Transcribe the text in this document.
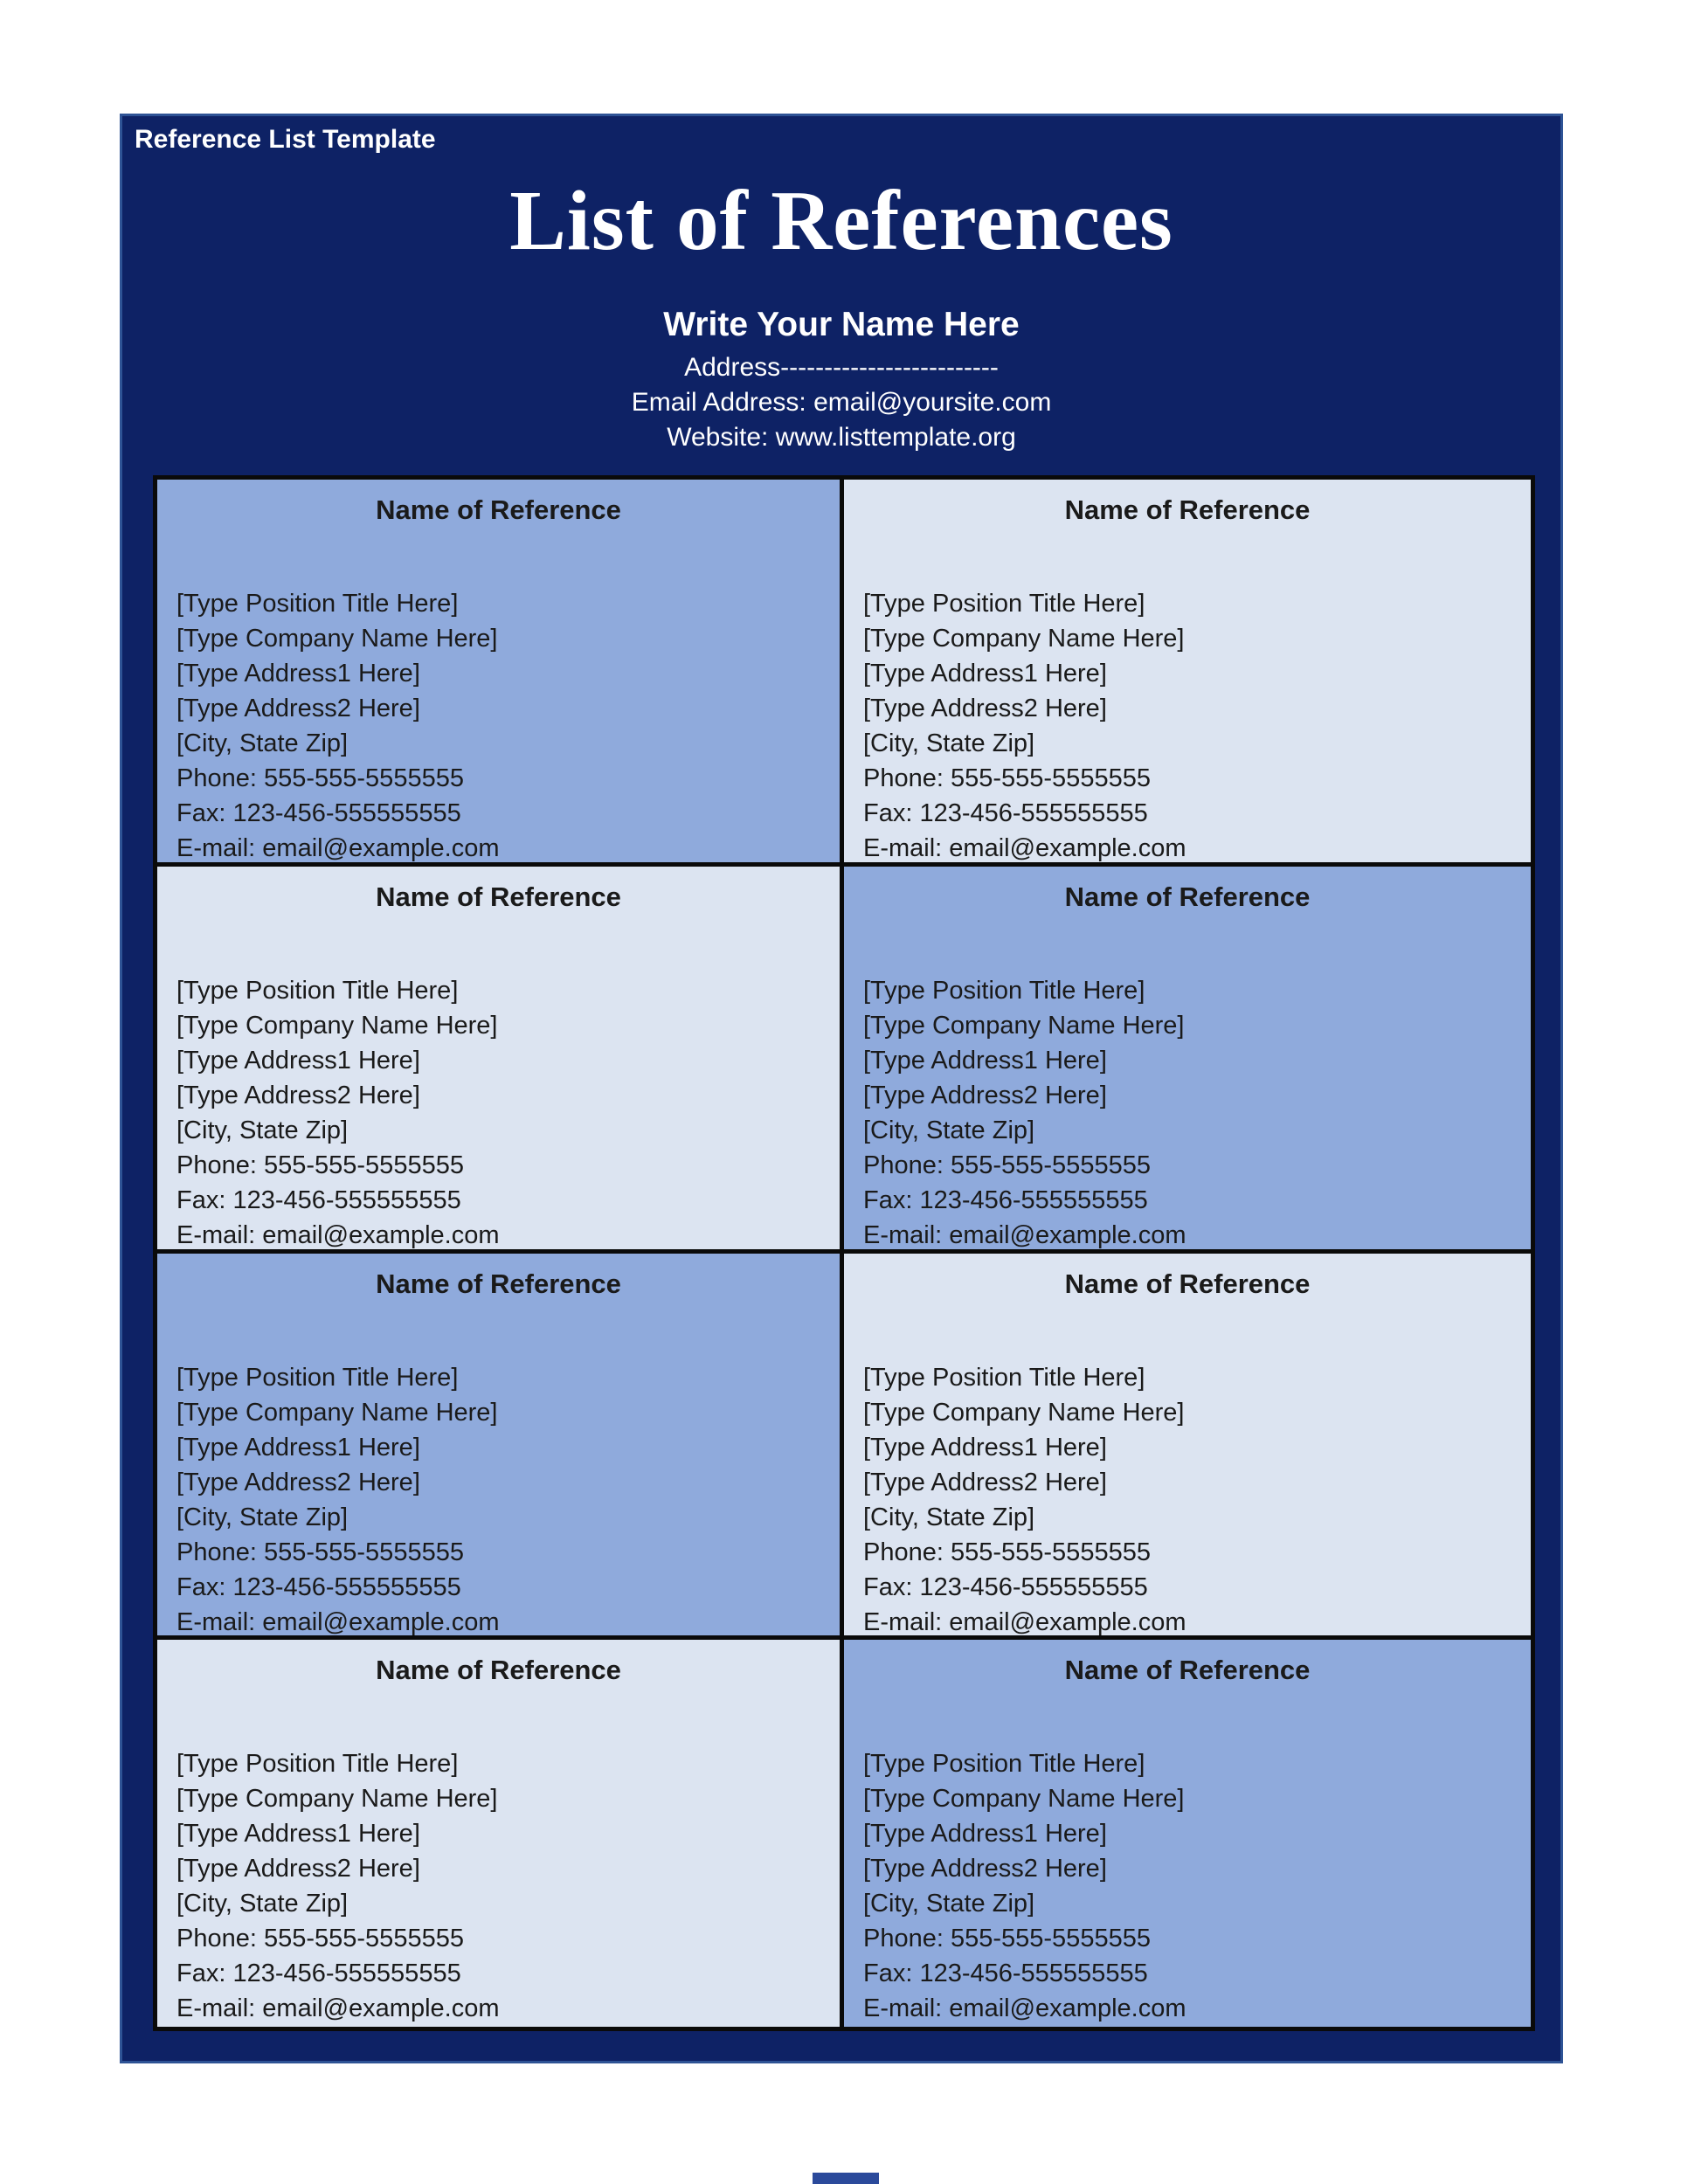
Reference List Template
List of References
Write Your Name Here
Address-------------------------
Email Address: email@yoursite.com
Website: www.listtemplate.org
Name of Reference
[Type Position Title Here]
[Type Company Name Here]
[Type Address1 Here]
[Type Address2 Here]
[City, State Zip]
Phone: 555-555-5555555
Fax: 123-456-555555555
E-mail: email@example.com
Name of Reference
[Type Position Title Here]
[Type Company Name Here]
[Type Address1 Here]
[Type Address2 Here]
[City, State Zip]
Phone: 555-555-5555555
Fax: 123-456-555555555
E-mail: email@example.com
Name of Reference
[Type Position Title Here]
[Type Company Name Here]
[Type Address1 Here]
[Type Address2 Here]
[City, State Zip]
Phone: 555-555-5555555
Fax: 123-456-555555555
E-mail: email@example.com
Name of Reference
[Type Position Title Here]
[Type Company Name Here]
[Type Address1 Here]
[Type Address2 Here]
[City, State Zip]
Phone: 555-555-5555555
Fax: 123-456-555555555
E-mail: email@example.com
Name of Reference
[Type Position Title Here]
[Type Company Name Here]
[Type Address1 Here]
[Type Address2 Here]
[City, State Zip]
Phone: 555-555-5555555
Fax: 123-456-555555555
E-mail: email@example.com
Name of Reference
[Type Position Title Here]
[Type Company Name Here]
[Type Address1 Here]
[Type Address2 Here]
[City, State Zip]
Phone: 555-555-5555555
Fax: 123-456-555555555
E-mail: email@example.com
Name of Reference
[Type Position Title Here]
[Type Company Name Here]
[Type Address1 Here]
[Type Address2 Here]
[City, State Zip]
Phone: 555-555-5555555
Fax: 123-456-555555555
E-mail: email@example.com
Name of Reference
[Type Position Title Here]
[Type Company Name Here]
[Type Address1 Here]
[Type Address2 Here]
[City, State Zip]
Phone: 555-555-5555555
Fax: 123-456-555555555
E-mail: email@example.com
